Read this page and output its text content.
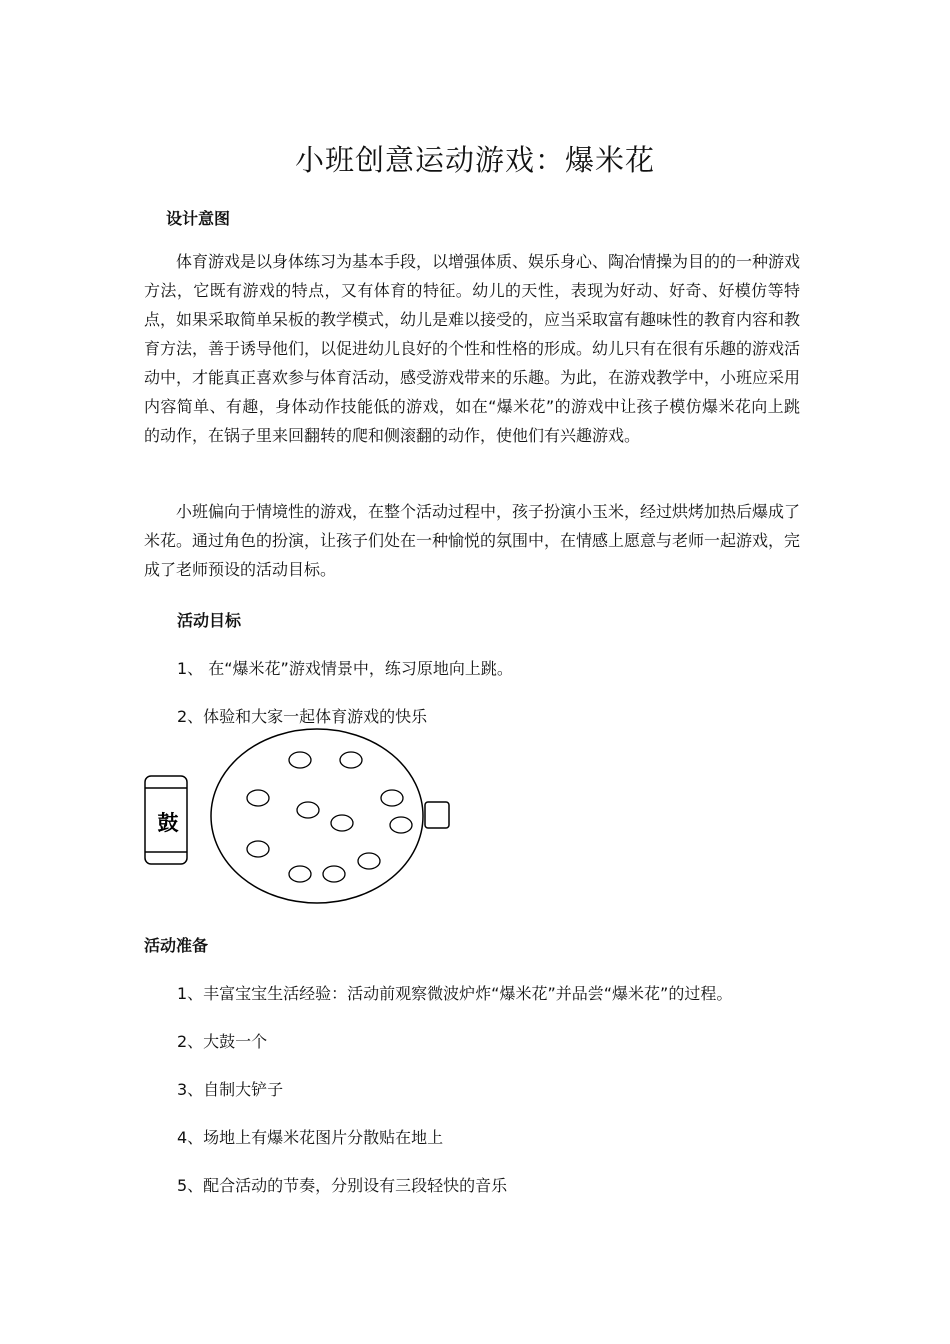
小班创意运动游戏：爆米花
设计意图

体育游戏是以身体练习为基本手段，以增强体质、娱乐身心、陶冶情操为目的的一种游戏方法，它既有游戏的特点，又有体育的特征。幼儿的天性，表现为好动、好奇、好模仿等特点，如果采取简单呆板的教学模式，幼儿是难以接受的，应当采取富有趣味性的教育内容和教育方法，善于诱导他们，以促进幼儿良好的个性和性格的形成。幼儿只有在很有乐趣的游戏活动中，才能真正喜欢参与体育活动，感受游戏带来的乐趣。为此，在游戏教学中，小班应采用内容简单、有趣，身体动作技能低的游戏，如在“爆米花”的游戏中让孩子模仿爆米花向上跳的动作，在锅子里来回翻转的爬和侧滚翻的动作，使他们有兴趣游戏。

小班偏向于情境性的游戏，在整个活动过程中，孩子扮演小玉米，经过烘烤加热后爆成了米花。通过角色的扮演，让孩子们处在一种愉悦的氛围中，在情感上愿意与老师一起游戏，完成了老师预设的活动目标。

活动目标
1、 在“爆米花”游戏情景中，练习原地向上跳。
2、体验和大家一起体育游戏的快乐
鼓
活动准备
1、丰富宝宝生活经验：活动前观察微波炉炸“爆米花”并品尝“爆米花”的过程。
2、大鼓一个
3、自制大铲子
4、场地上有爆米花图片分散贴在地上
5、配合活动的节奏，分别设有三段轻快的音乐
